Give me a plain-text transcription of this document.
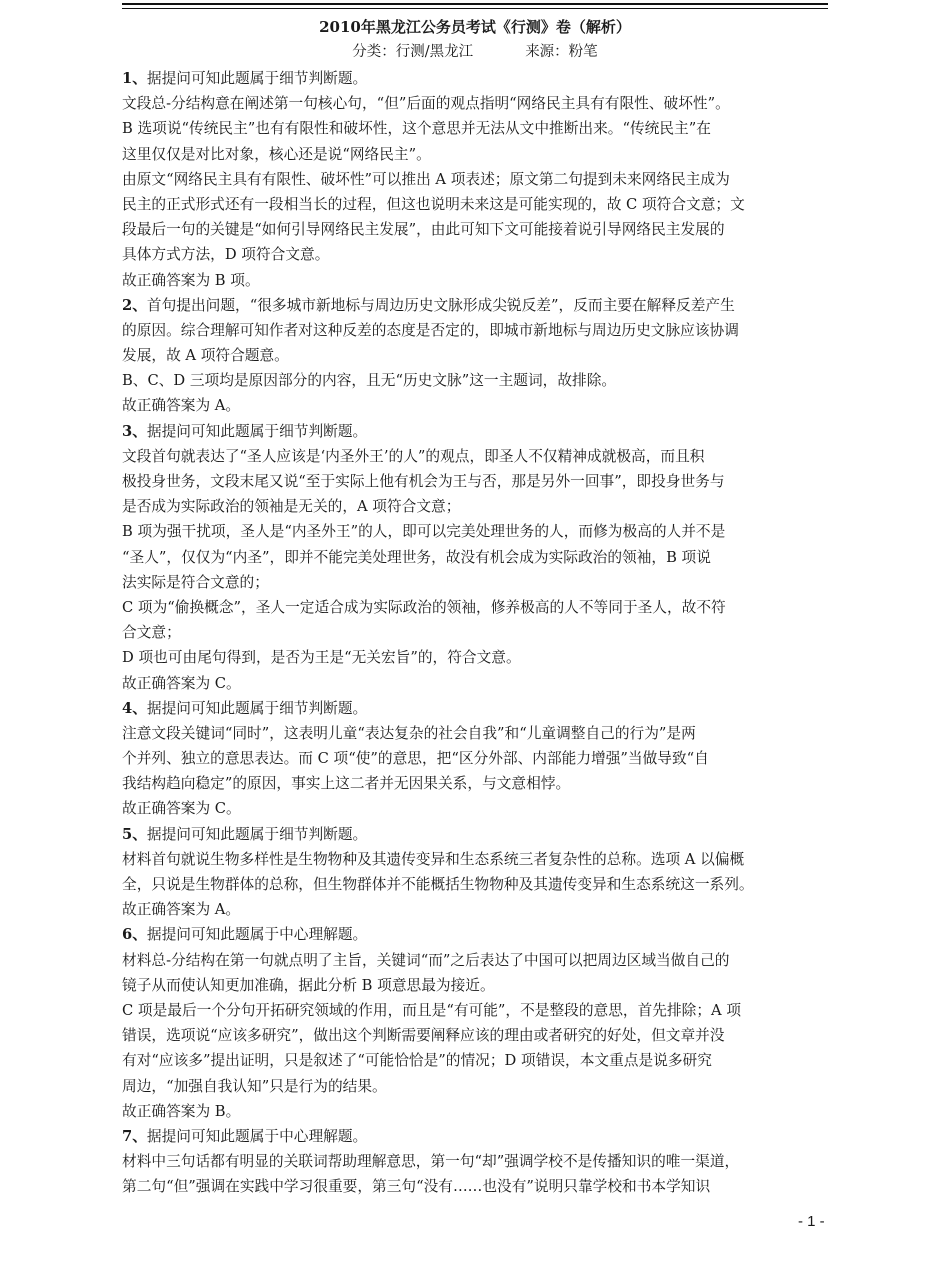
2010年黑龙江公务员考试《行测》卷（解析）
分类：行测/黑龙江	来源：粉笔
1、据提问可知此题属于细节判断题。
文段总-分结构意在阐述第一句核心句，“但”后面的观点指明“网络民主具有有限性、破坏性”。
B 选项说“传统民主”也有有限性和破坏性，这个意思并无法从文中推断出来。“传统民主”在
这里仅仅是对比对象，核心还是说“网络民主”。
由原文“网络民主具有有限性、破坏性”可以推出 A 项表述；原文第二句提到未来网络民主成为
民主的正式形式还有一段相当长的过程，但这也说明未来这是可能实现的，故 C 项符合文意；文
段最后一句的关键是“如何引导网络民主发展”，由此可知下文可能接着说引导网络民主发展的
具体方式方法，D 项符合文意。
故正确答案为 B 项。
2、首句提出问题，“很多城市新地标与周边历史文脉形成尖锐反差”，反而主要在解释反差产生
的原因。综合理解可知作者对这种反差的态度是否定的，即城市新地标与周边历史文脉应该协调
发展，故 A 项符合题意。
B、C、D 三项均是原因部分的内容，且无“历史文脉”这一主题词，故排除。
故正确答案为 A。
3、据提问可知此题属于细节判断题。
文段首句就表达了“圣人应该是‘内圣外王’的人”的观点，即圣人不仅精神成就极高，而且积
极投身世务，文段末尾又说“至于实际上他有机会为王与否，那是另外一回事”，即投身世务与
是否成为实际政治的领袖是无关的，A 项符合文意；
B 项为强干扰项，圣人是“内圣外王”的人，即可以完美处理世务的人，而修为极高的人并不是
“圣人”，仅仅为“内圣”，即并不能完美处理世务，故没有机会成为实际政治的领袖，B 项说
法实际是符合文意的；
C 项为“偷换概念”，圣人一定适合成为实际政治的领袖，修养极高的人不等同于圣人，故不符
合文意；
D 项也可由尾句得到，是否为王是“无关宏旨”的，符合文意。
故正确答案为 C。
4、据提问可知此题属于细节判断题。
注意文段关键词“同时”，这表明儿童“表达复杂的社会自我”和“儿童调整自己的行为”是两
个并列、独立的意思表达。而 C 项“使”的意思，把“区分外部、内部能力增强”当做导致“自
我结构趋向稳定”的原因，事实上这二者并无因果关系，与文意相悖。
故正确答案为 C。
5、据提问可知此题属于细节判断题。
材料首句就说生物多样性是生物物种及其遗传变异和生态系统三者复杂性的总称。选项 A 以偏概
全，只说是生物群体的总称，但生物群体并不能概括生物物种及其遗传变异和生态系统这一系列。
故正确答案为 A。
6、据提问可知此题属于中心理解题。
材料总-分结构在第一句就点明了主旨，关键词“而”之后表达了中国可以把周边区域当做自己的
镜子从而使认知更加准确，据此分析 B 项意思最为接近。
C 项是最后一个分句开拓研究领域的作用，而且是“有可能”，不是整段的意思，首先排除；A 项
错误，选项说“应该多研究”，做出这个判断需要阐释应该的理由或者研究的好处，但文章并没
有对“应该多”提出证明，只是叙述了“可能恰恰是”的情况；D 项错误，本文重点是说多研究
周边，“加强自我认知”只是行为的结果。
故正确答案为 B。
7、据提问可知此题属于中心理解题。
材料中三句话都有明显的关联词帮助理解意思，第一句“却”强调学校不是传播知识的唯一渠道，
第二句“但”强调在实践中学习很重要，第三句“没有……也没有”说明只靠学校和书本学知识
- 1 -
